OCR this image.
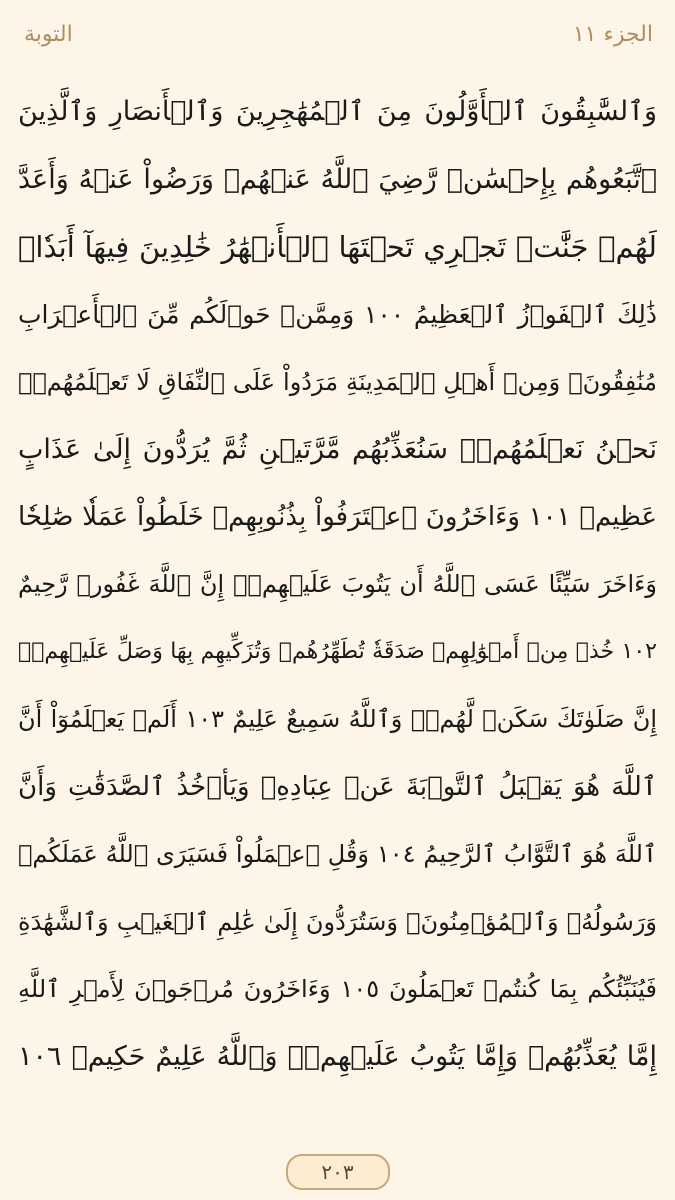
التوبة	الجزء ١١
وَٱلسَّٰبِقُونَ ٱلۡأَوَّلُونَ مِنَ ٱلۡمُهَٰجِرِينَ وَٱلۡأَنصَارِ وَٱلَّذِينَ
ٱتَّبَعُوهُم بِإِحۡسَٰنٖ رَّضِيَ ٱللَّهُ عَنۡهُمۡ وَرَضُواْ عَنۡهُ وَأَعَدَّ
لَهُمۡ جَنَّٰتٖ تَجۡرِي تَحۡتَهَا ٱلۡأَنۡهَٰرُ خَٰلِدِينَ فِيهَآ أَبَدٗاۚ
ذَٰلِكَ ٱلۡفَوۡزُ ٱلۡعَظِيمُ ١٠٠ وَمِمَّنۡ حَوۡلَكُم مِّنَ ٱلۡأَعۡرَابِ
مُنَٰفِقُونَۖ وَمِنۡ أَهۡلِ ٱلۡمَدِينَةِ مَرَدُواْ عَلَى ٱلنِّفَاقِ لَا تَعۡلَمُهُمۡۖ
نَحۡنُ نَعۡلَمُهُمۡۚ سَنُعَذِّبُهُم مَّرَّتَيۡنِ ثُمَّ يُرَدُّونَ إِلَىٰ عَذَابٍ
عَظِيمٖ ١٠١ وَءَاخَرُونَ ٱعۡتَرَفُواْ بِذُنُوبِهِمۡ خَلَطُواْ عَمَلٗا صَٰلِحٗا
وَءَاخَرَ سَيِّئًا عَسَى ٱللَّهُ أَن يَتُوبَ عَلَيۡهِمۡۚ إِنَّ ٱللَّهَ غَفُورٞ رَّحِيمٌ
١٠٢ خُذۡ مِنۡ أَمۡوَٰلِهِمۡ صَدَقَةٗ تُطَهِّرُهُمۡ وَتُزَكِّيهِم بِهَا وَصَلِّ عَلَيۡهِمۡۖ
إِنَّ صَلَوٰتَكَ سَكَنٞ لَّهُمۡۗ وَٱللَّهُ سَمِيعٌ عَلِيمٌ ١٠٣ أَلَمۡ يَعۡلَمُوٓاْ أَنَّ
ٱللَّهَ هُوَ يَقۡبَلُ ٱلتَّوۡبَةَ عَنۡ عِبَادِهِۦ وَيَأۡخُذُ ٱلصَّدَقَٰتِ وَأَنَّ
ٱللَّهَ هُوَ ٱلتَّوَّابُ ٱلرَّحِيمُ ١٠٤ وَقُلِ ٱعۡمَلُواْ فَسَيَرَى ٱللَّهُ عَمَلَكُمۡ
وَرَسُولُهُۥ وَٱلۡمُؤۡمِنُونَۖ وَسَتُرَدُّونَ إِلَىٰ عَٰلِمِ ٱلۡغَيۡبِ وَٱلشَّهَٰدَةِ
فَيُنَبِّئُكُم بِمَا كُنتُمۡ تَعۡمَلُونَ ١٠٥ وَءَاخَرُونَ مُرۡجَوۡنَ لِأَمۡرِ ٱللَّهِ
إِمَّا يُعَذِّبُهُمۡ وَإِمَّا يَتُوبُ عَلَيۡهِمۡۗ وَٱللَّهُ عَلِيمٌ حَكِيمٞ ١٠٦
٢٠٣
